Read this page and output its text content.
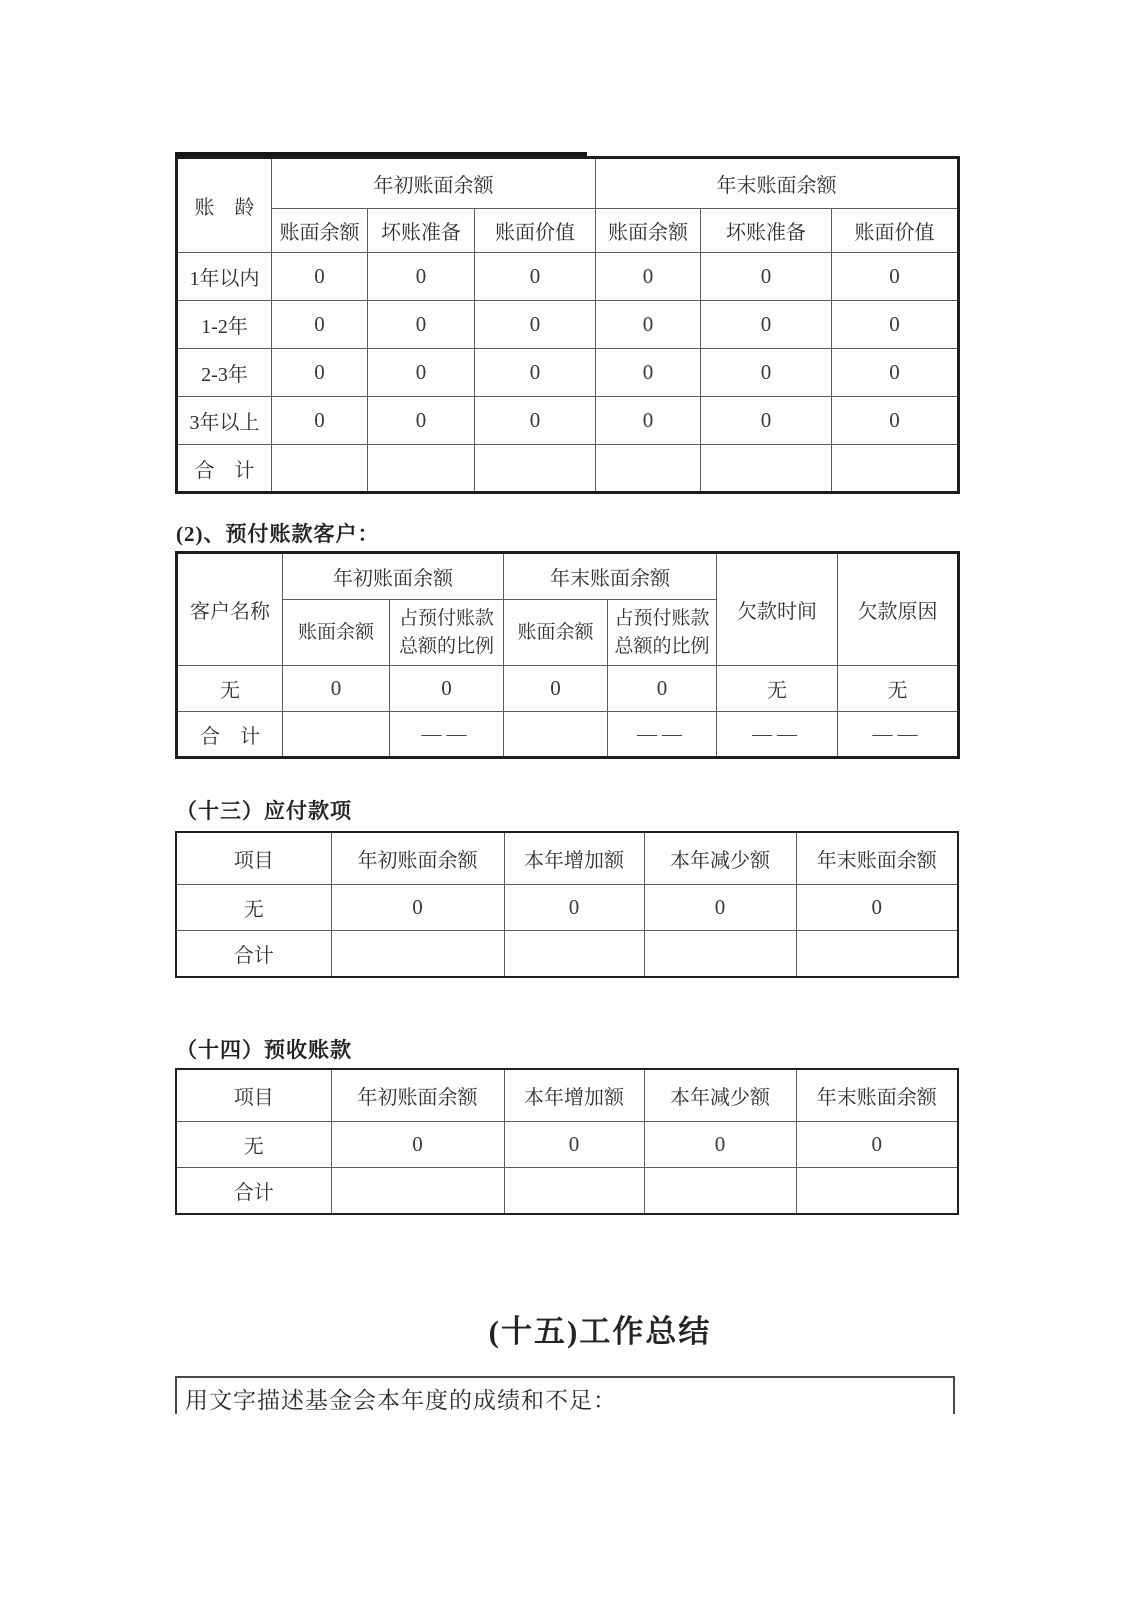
账　龄	年初账面余额			年末账面余额		
	账面余额	坏账准备	账面价值	账面余额	坏账准备	账面价值
1年以内	0	0	0	0	0	0
1-2年	0	0	0	0	0	0
2-3年	0	0	0	0	0	0
3年以上	0	0	0	0	0	0
合　计						
(2)、预付账款客户：
客户名称	年初账面余额		年末账面余额		欠款时间	欠款原因
	账面余额	占预付账款总额的比例	账面余额	占预付账款总额的比例		
无	0	0	0	0	无	无
合　计		——		——	——	——
（十三）应付款项
项目	年初账面余额	本年增加额	本年减少额	年末账面余额
无	0	0	0	0
合计				
（十四）预收账款
项目	年初账面余额	本年增加额	本年减少额	年末账面余额
无	0	0	0	0
合计				
(十五)工作总结
用文字描述基金会本年度的成绩和不足：
